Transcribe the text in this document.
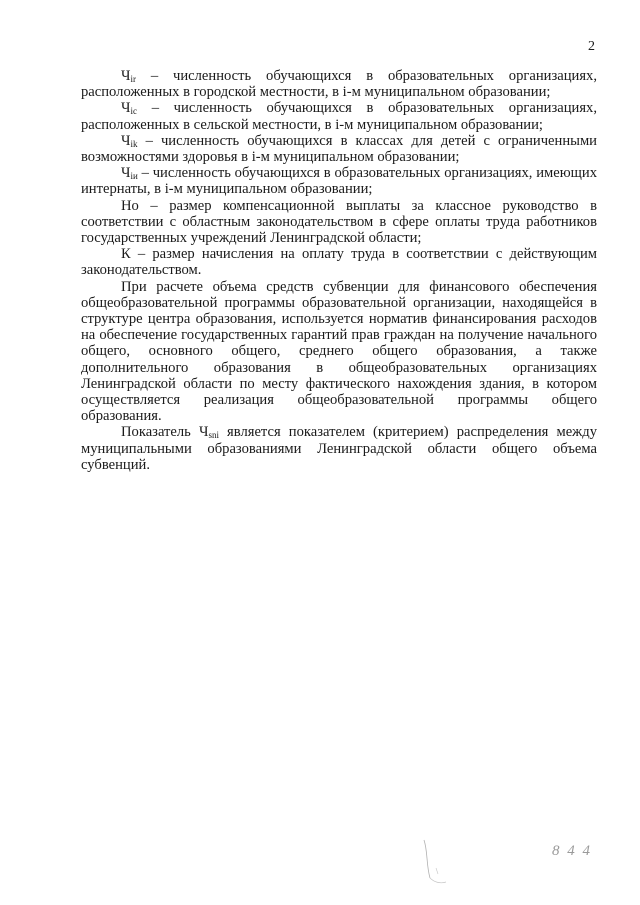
2

$Ч_{ir}$ – численность обучающихся в образовательных организациях, расположенных в городской местности, в i-м муниципальном образовании;

$Ч_{ic}$ – численность обучающихся в образовательных организациях, расположенных в сельской местности, в i-м муниципальном образовании;

$Ч_{ik}$ – численность обучающихся в классах для детей с ограниченными возможностями здоровья в i-м муниципальном образовании;

$Ч_{iи}$ – численность обучающихся в образовательных организациях, имеющих интернаты, в i-м муниципальном образовании;

Но – размер компенсационной выплаты за классное руководство в соответствии с областным законодательством в сфере оплаты труда работников государственных учреждений Ленинградской области;

К – размер начисления на оплату труда в соответствии с действующим законодательством.

При расчете объема средств субвенции для финансового обеспечения общеобразовательной программы образовательной организации, находящейся в структуре центра образования, используется норматив финансирования расходов на обеспечение государственных гарантий прав граждан на получение начального общего, основного общего, среднего общего образования, а также дополнительного образования в общеобразовательных организациях Ленинградской области по месту фактического нахождения здания, в котором осуществляется реализация общеобразовательной программы общего образования.

Показатель $Ч_{sni}$ является показателем (критерием) распределения между муниципальными образованиями Ленинградской области общего объема субвенций.

8 4 4
